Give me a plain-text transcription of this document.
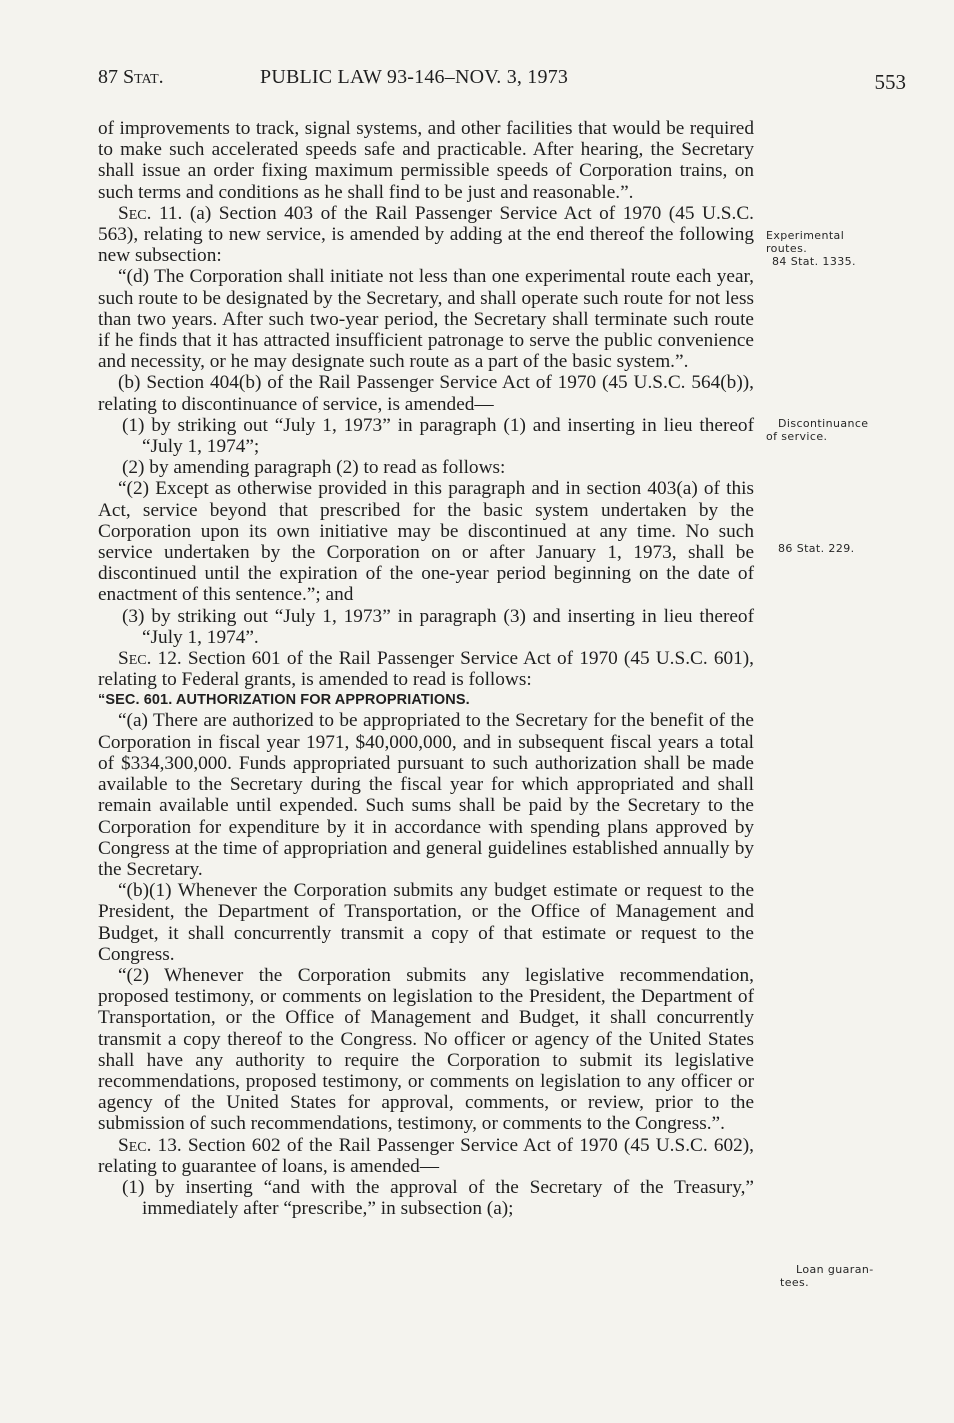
87 Stat.	PUBLIC LAW 93-146–NOV. 3, 1973	553

of improvements to track, signal systems, and other facilities that would be required to make such accelerated speeds safe and practicable. After hearing, the Secretary shall issue an order fixing maximum permissible speeds of Corporation trains, on such terms and conditions as he shall find to be just and reasonable.”.

Sec. 11. (a) Section 403 of the Rail Passenger Service Act of 1970 (45 U.S.C. 563), relating to new service, is amended by adding at the end thereof the following new subsection:

“(d) The Corporation shall initiate not less than one experimental route each year, such route to be designated by the Secretary, and shall operate such route for not less than two years. After such two-year period, the Secretary shall terminate such route if he finds that it has attracted insufficient patronage to serve the public convenience and necessity, or he may designate such route as a part of the basic system.”.

(b) Section 404(b) of the Rail Passenger Service Act of 1970 (45 U.S.C. 564(b)), relating to discontinuance of service, is amended—

(1) by striking out “July 1, 1973” in paragraph (1) and inserting in lieu thereof “July 1, 1974”;

(2) by amending paragraph (2) to read as follows:

“(2) Except as otherwise provided in this paragraph and in section 403(a) of this Act, service beyond that prescribed for the basic system undertaken by the Corporation upon its own initiative may be discontinued at any time. No such service undertaken by the Corporation on or after January 1, 1973, shall be discontinued until the expiration of the one-year period beginning on the date of enactment of this sentence.”; and

(3) by striking out “July 1, 1973” in paragraph (3) and inserting in lieu thereof “July 1, 1974”.

Sec. 12. Section 601 of the Rail Passenger Service Act of 1970 (45 U.S.C. 601), relating to Federal grants, is amended to read is follows:

“SEC. 601. AUTHORIZATION FOR APPROPRIATIONS.

“(a) There are authorized to be appropriated to the Secretary for the benefit of the Corporation in fiscal year 1971, $40,000,000, and in subsequent fiscal years a total of $334,300,000. Funds appropriated pursuant to such authorization shall be made available to the Secretary during the fiscal year for which appropriated and shall remain available until expended. Such sums shall be paid by the Secretary to the Corporation for expenditure by it in accordance with spending plans approved by Congress at the time of appropriation and general guidelines established annually by the Secretary.

“(b)(1) Whenever the Corporation submits any budget estimate or request to the President, the Department of Transportation, or the Office of Management and Budget, it shall concurrently transmit a copy of that estimate or request to the Congress.

“(2) Whenever the Corporation submits any legislative recommendation, proposed testimony, or comments on legislation to the President, the Department of Transportation, or the Office of Management and Budget, it shall concurrently transmit a copy thereof to the Congress. No officer or agency of the United States shall have any authority to require the Corporation to submit its legislative recommendations, proposed testimony, or comments on legislation to any officer or agency of the United States for approval, comments, or review, prior to the submission of such recommendations, testimony, or comments to the Congress.”.

Sec. 13. Section 602 of the Rail Passenger Service Act of 1970 (45 U.S.C. 602), relating to guarantee of loans, is amended—

(1) by inserting “and with the approval of the Secretary of the Treasury,” immediately after “prescribe,” in subsection (a);

Experimental
routes.
84 Stat. 1335.
Discontinuance
of service.
86 Stat. 229.
Loan guaran-
tees.
